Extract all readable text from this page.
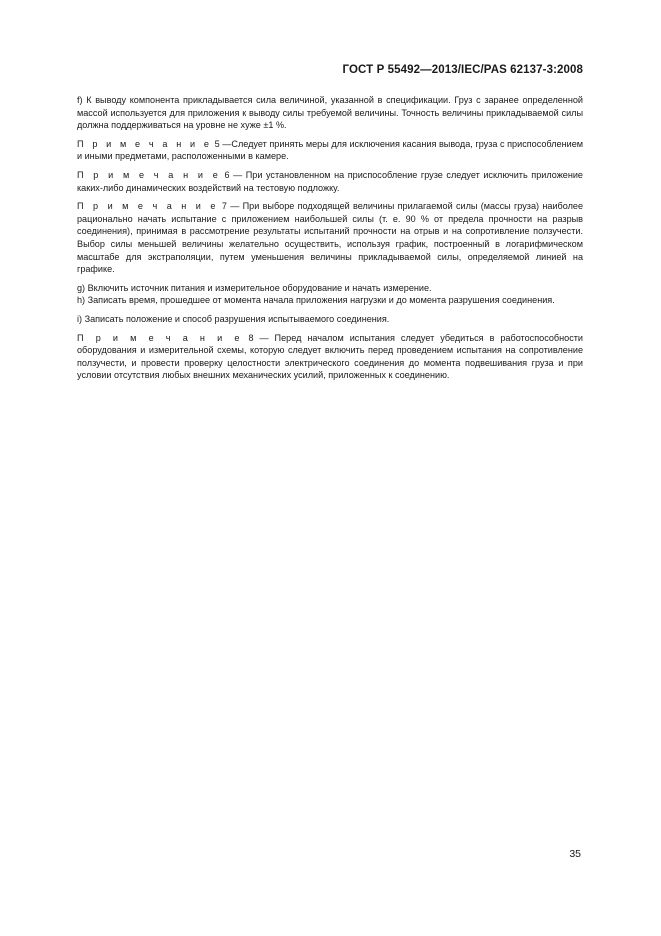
ГОСТ Р 55492—2013/IEC/PAS 62137-3:2008

f) К выводу компонента прикладывается сила величиной, указанной в спецификации. Груз с заранее определенной массой используется для приложения к выводу силы требуемой величины. Точность величины прикладываемой силы должна поддерживаться на уровне не хуже ±1 %.

П р и м е ч а н и е 5 —Следует принять меры для исключения касания вывода, груза с приспособлением и иными предметами, расположенными в камере.

П р и м е ч а н и е 6 — При установленном на приспособление грузе следует исключить приложение каких-либо динамических воздействий на тестовую подложку.

П р и м е ч а н и е 7 — При выборе подходящей величины прилагаемой силы (массы груза) наиболее рационально начать испытание с приложением наибольшей силы (т. е. 90 % от предела прочности на разрыв соединения), принимая в рассмотрение результаты испытаний прочности на отрыв и на сопротивление ползучести. Выбор силы меньшей величины желательно осуществить, используя график, построенный в логарифмическом масштабе для экстраполяции, путем уменьшения величины прикладываемой силы, определяемой линией на графике.

g) Включить источник питания и измерительное оборудование и начать измерение.

h) Записать время, прошедшее от момента начала приложения нагрузки и до момента разрушения соединения.

i) Записать положение и способ разрушения испытываемого соединения.

П р и м е ч а н и е 8 — Перед началом испытания следует убедиться в работоспособности оборудования и измерительной схемы, которую следует включить перед проведением испытания на сопротивление ползучести, и провести проверку целостности электрического соединения до момента подвешивания груза и при условии отсутствия любых внешних механических усилий, приложенных к соединению.

35
